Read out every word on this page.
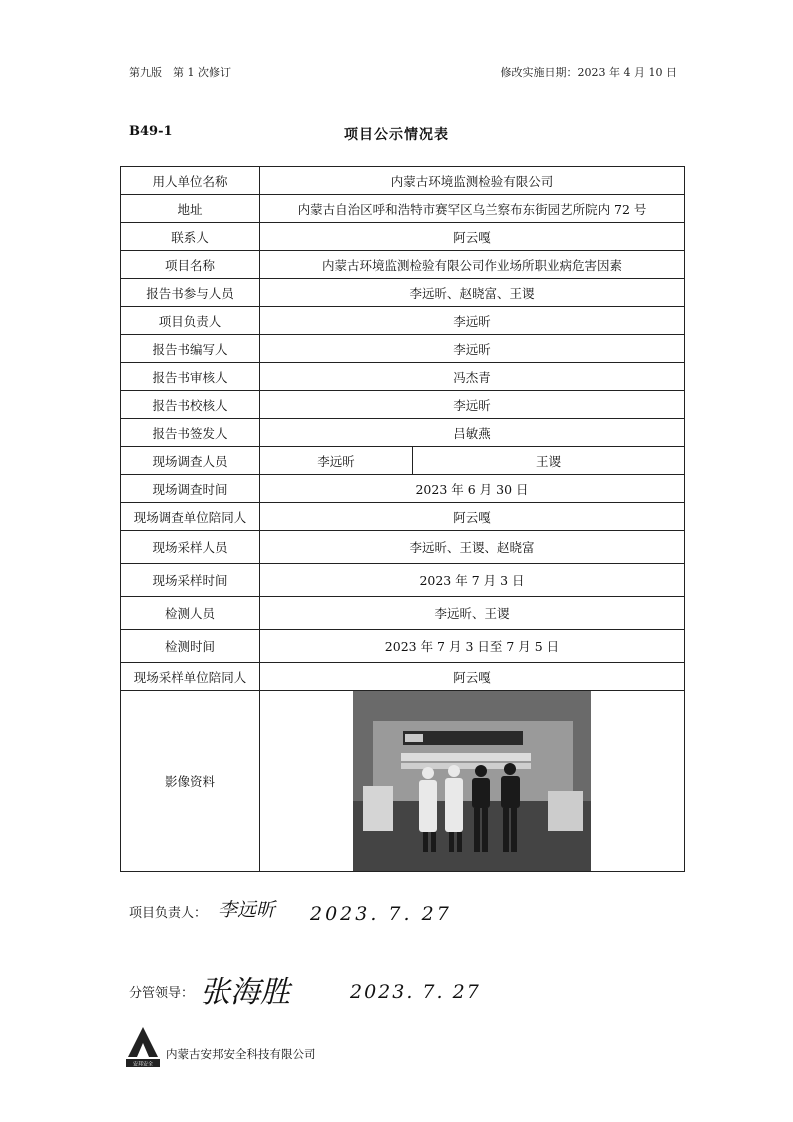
第九版　第 1 次修订	修改实施日期：2023 年 4 月 10 日
B49-1	项目公示情况表
用人单位名称	内蒙古环境监测检验有限公司	
地址	内蒙古自治区呼和浩特市赛罕区乌兰察布东街园艺所院内 72 号	
联系人	阿云嘎	
项目名称	内蒙古环境监测检验有限公司作业场所职业病危害因素	
报告书参与人员	李远昕、赵晓富、王谡	
项目负责人	李远昕	
报告书编写人	李远昕	
报告书审核人	冯杰青	
报告书校核人	李远昕	
报告书签发人	吕敏燕	
现场调查人员	李远昕	王谡
现场调查时间	2023 年 6 月 30 日	
现场调查单位陪同人	阿云嘎	
现场采样人员	李远昕、王谡、赵晓富	
现场采样时间	2023 年 7 月 3 日	
检测人员	李远昕、王谡	
检测时间	2023 年 7 月 3 日至 7 月 5 日	
现场采样单位陪同人	阿云嘎	
影像资料	
项目负责人： 李远昕 2023. 7. 27
分管领导： 张海胜	2023. 7. 27
安邦安全
内蒙古安邦安全科技有限公司
